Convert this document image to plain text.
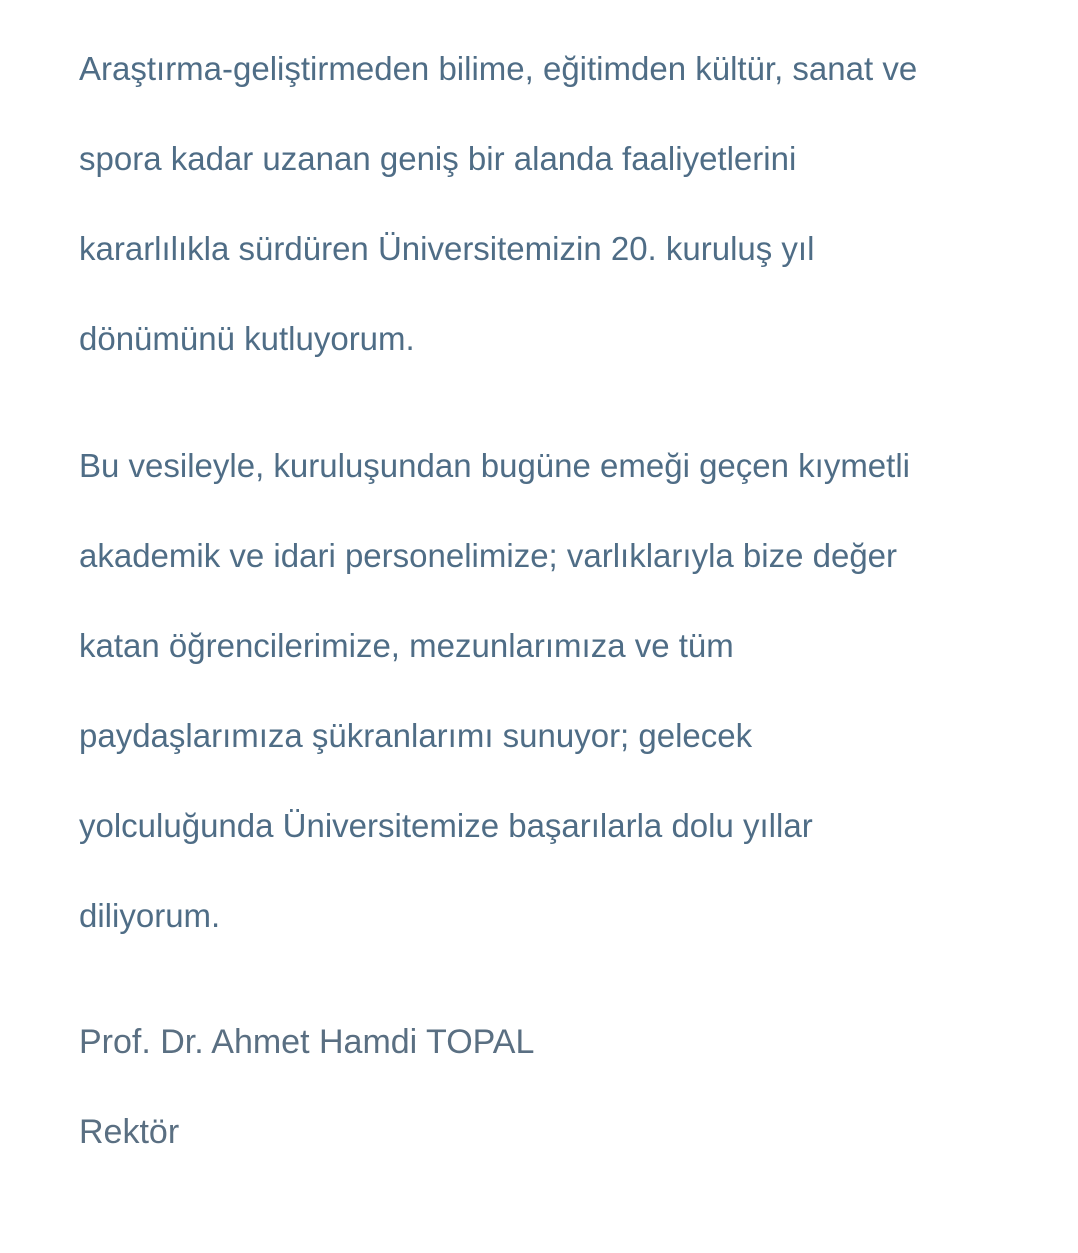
Araştırma-geliştirmeden bilime, eğitimden kültür, sanat ve
spora kadar uzanan geniş bir alanda faaliyetlerini
kararlılıkla sürdüren Üniversitemizin 20. kuruluş yıl
dönümünü kutluyorum.
Bu vesileyle, kuruluşundan bugüne emeği geçen kıymetli
akademik ve idari personelimize; varlıklarıyla bize değer
katan öğrencilerimize, mezunlarımıza ve tüm
paydaşlarımıza şükranlarımı sunuyor; gelecek
yolculuğunda Üniversitemize başarılarla dolu yıllar
diliyorum.
Prof. Dr. Ahmet Hamdi TOPAL
Rektör
